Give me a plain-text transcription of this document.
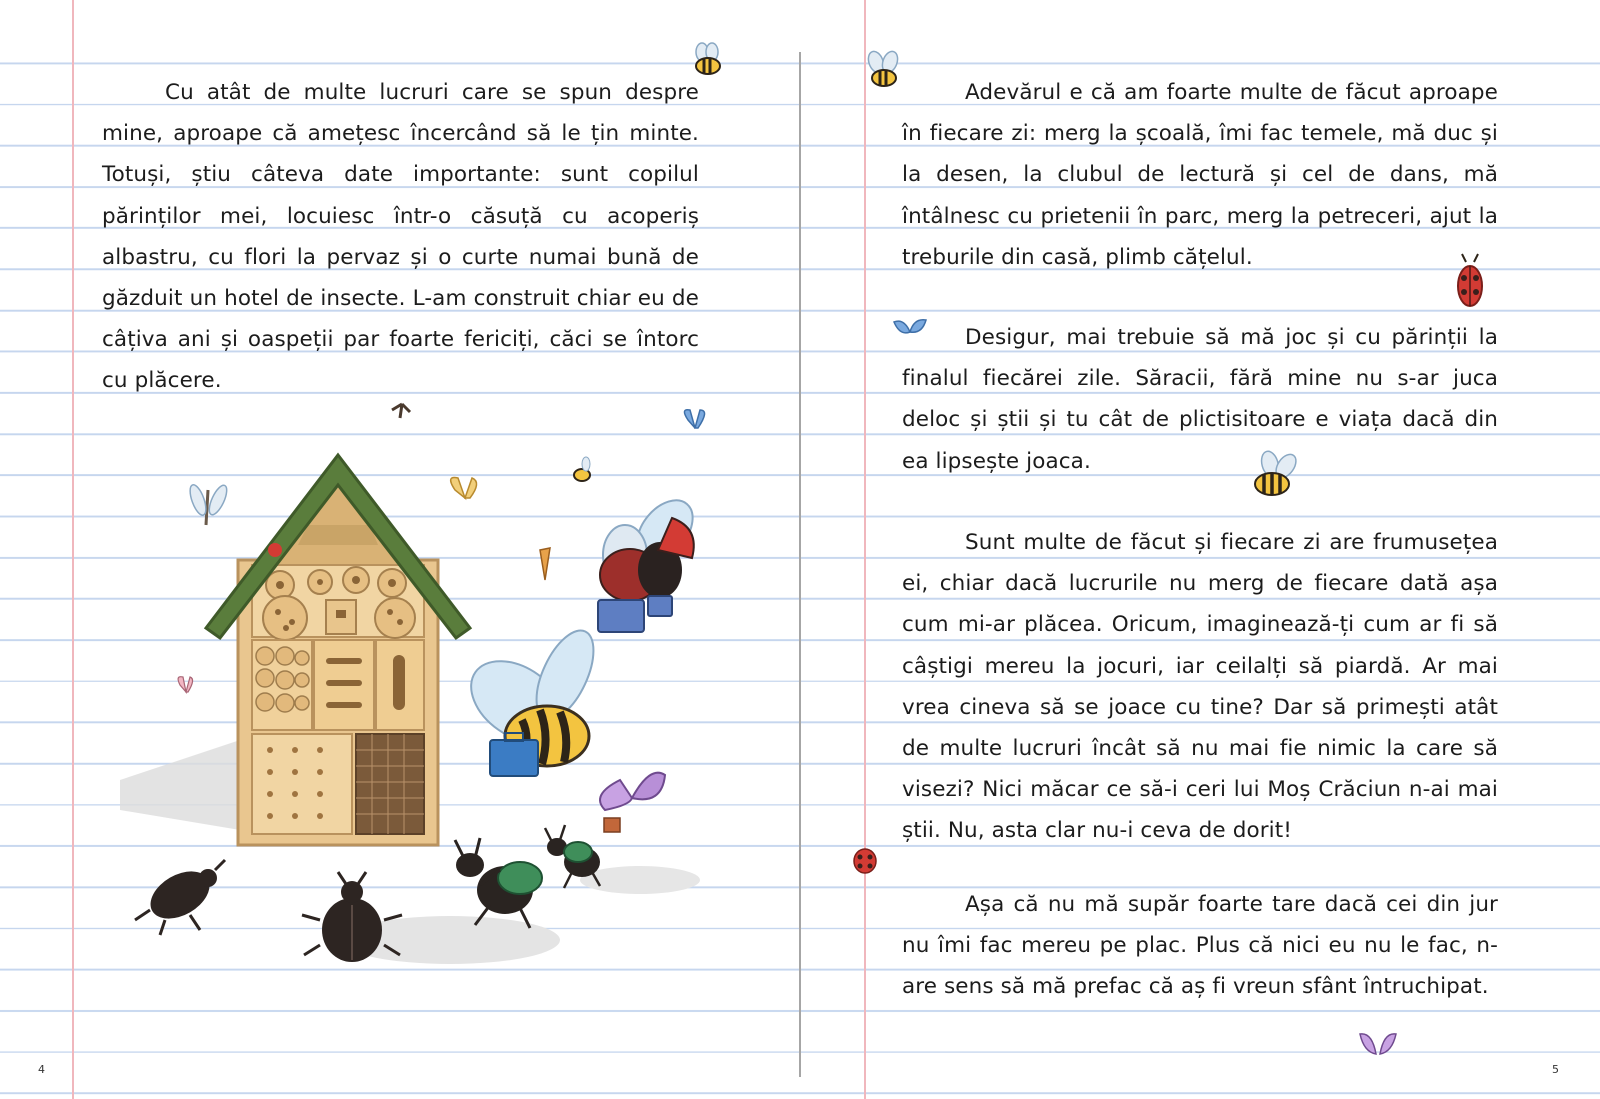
Cu atât de multe lucruri care se spun despre mine, aproape că amețesc încercând să le țin minte. Totuși, știu câteva date importante: sunt copilul părinților mei, locuiesc într-o căsuță cu acoperiș albastru, cu flori la pervaz și o curte numai bună de găzduit un hotel de insecte. L-am construit chiar eu de câțiva ani și oaspeții par foarte fericiți, căci se întorc cu plăcere.

Adevărul e că am foarte multe de făcut aproape în fiecare zi: merg la școală, îmi fac temele, mă duc și la desen, la clubul de lectură și cel de dans, mă întâlnesc cu prietenii în parc, merg la petreceri, ajut la treburile din casă, plimb cățelul.

Desigur, mai trebuie să mă joc și cu părinții la finalul fiecărei zile. Săracii, fără mine nu s-ar juca deloc și știi și tu cât de plictisitoare e viața dacă din ea lipsește joaca.

Sunt multe de făcut și fiecare zi are frumusețea ei, chiar dacă lucrurile nu merg de fiecare dată așa cum mi-ar plăcea. Oricum, imaginează-ți cum ar fi să câștigi mereu la jocuri, iar ceilalți să piardă. Ar mai vrea cineva să se joace cu tine? Dar să primești atât de multe lucruri încât să nu mai fie nimic la care să visezi? Nici măcar ce să-i ceri lui Moș Crăciun n-ai mai știi. Nu, asta clar nu-i ceva de dorit!

Așa că nu mă supăr foarte tare dacă cei din jur nu îmi fac mereu pe plac. Plus că nici eu nu le fac, n-are sens să mă prefac că aș fi vreun sfânt întruchipat.

4	5
